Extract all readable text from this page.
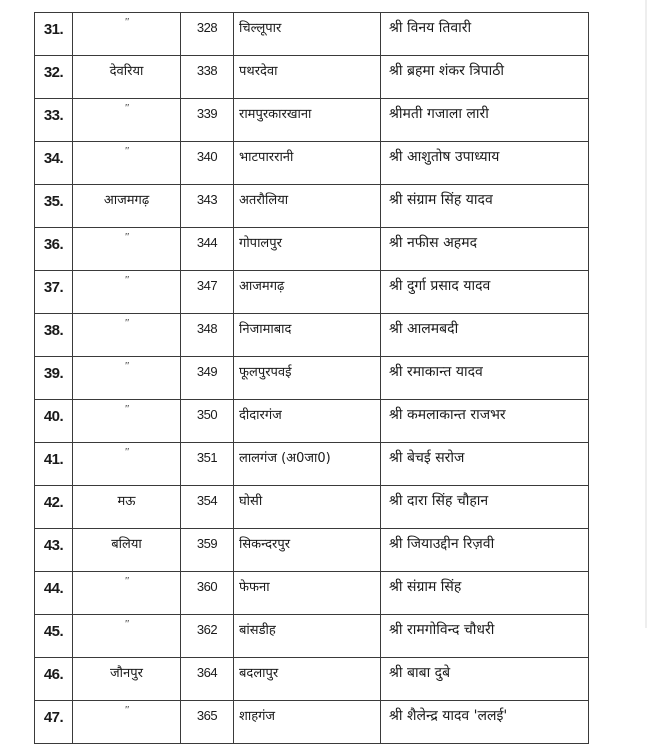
31.	"	328	चिल्लूपार	श्री विनय तिवारी
32.	देवरिया	338	पथरदेवा	श्री ब्रहमा शंकर त्रिपाठी
33.	"	339	रामपुरकारखाना	श्रीमती गजाला लारी
34.	"	340	भाटपाररानी	श्री आशुतोष उपाध्याय
35.	आजमगढ़	343	अतरौलिया	श्री संग्राम सिंह यादव
36.	"	344	गोपालपुर	श्री नफीस अहमद
37.	"	347	आजमगढ़	श्री दुर्गा प्रसाद यादव
38.	"	348	निजामाबाद	श्री आलमबदी
39.	"	349	फूलपुरपवई	श्री रमाकान्त यादव
40.	"	350	दीदारगंज	श्री कमलाकान्त राजभर
41.	"	351	लालगंज (अ0जा0)	श्री बेचई सरोज
42.	मऊ	354	घोसी	श्री दारा सिंह चौहान
43.	बलिया	359	सिकन्दरपुर	श्री जियाउद्दीन रिज़वी
44.	"	360	फेफना	श्री संग्राम सिंह
45.	"	362	बांसडीह	श्री रामगोविन्द चौधरी
46.	जौनपुर	364	बदलापुर	श्री बाबा दुबे
47.	"	365	शाहगंज	श्री शैलेन्द्र यादव 'ललई'
